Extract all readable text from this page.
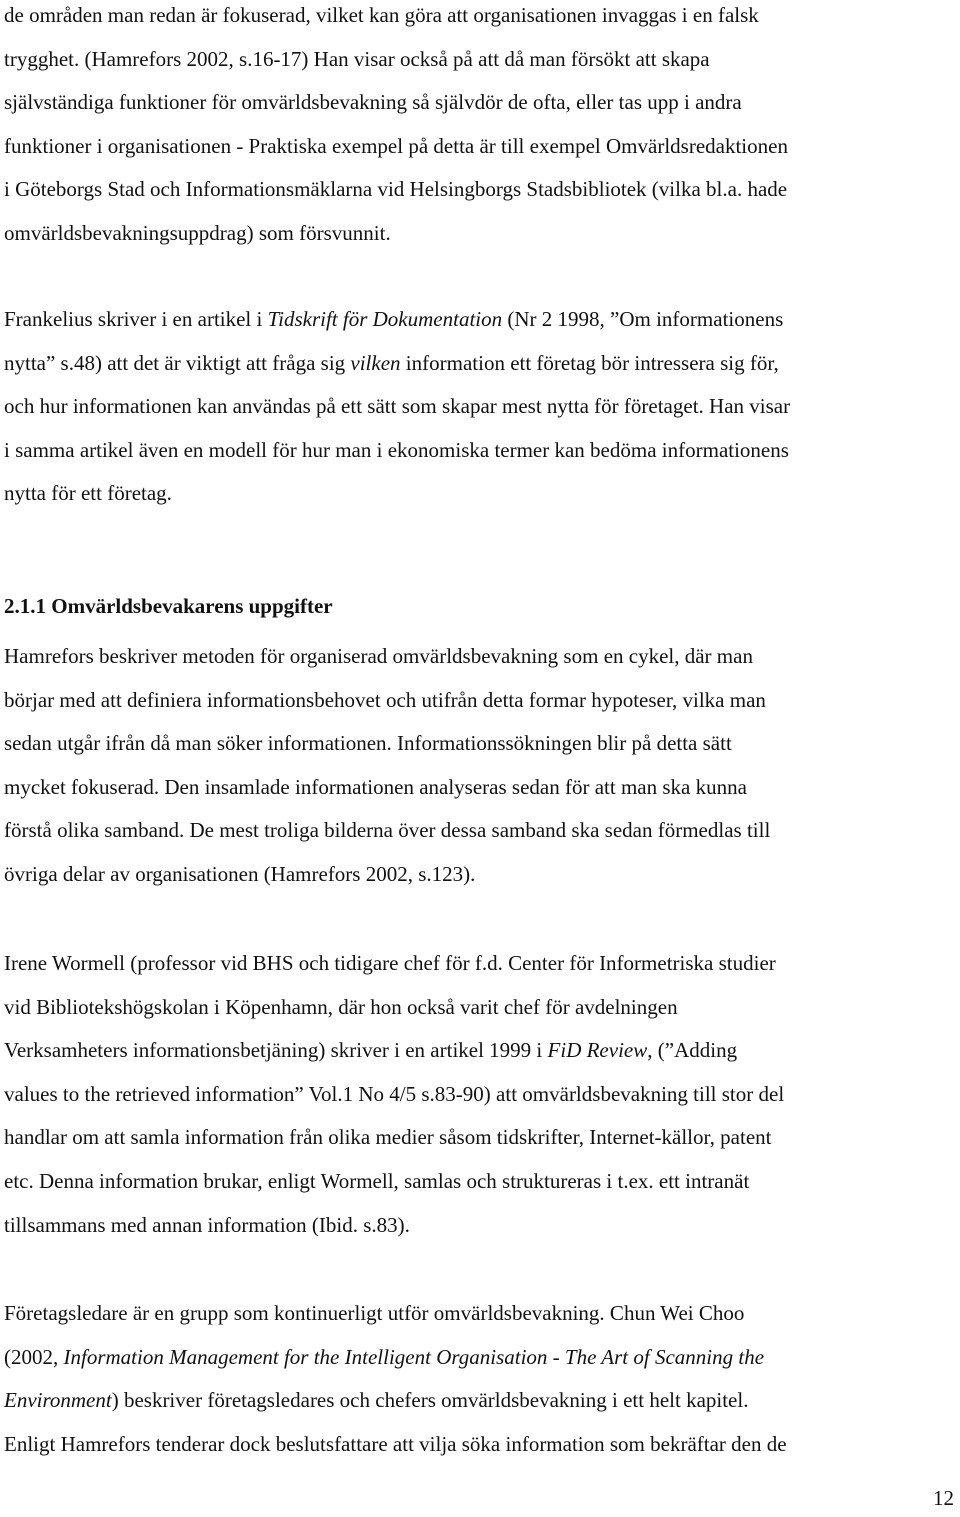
de områden man redan är fokuserad, vilket kan göra att organisationen invaggas i en falsk
trygghet. (Hamrefors 2002, s.16-17) Han visar också på att då man försökt att skapa
självständiga funktioner för omvärldsbevakning så självdör de ofta, eller tas upp i andra
funktioner i organisationen - Praktiska exempel på detta är till exempel Omvärldsredaktionen
i Göteborgs Stad och Informationsmäklarna vid Helsingborgs Stadsbibliotek (vilka bl.a. hade
omvärldsbevakningsuppdrag) som försvunnit.
Frankelius skriver i en artikel i Tidskrift för Dokumentation (Nr 2 1998, ”Om informationens
nytta” s.48) att det är viktigt att fråga sig vilken information ett företag bör intressera sig för,
och hur informationen kan användas på ett sätt som skapar mest nytta för företaget. Han visar
i samma artikel även en modell för hur man i ekonomiska termer kan bedöma informationens
nytta för ett företag.
2.1.1 Omvärldsbevakarens uppgifter
Hamrefors beskriver metoden för organiserad omvärldsbevakning som en cykel, där man
börjar med att definiera informationsbehovet och utifrån detta formar hypoteser, vilka man
sedan utgår ifrån då man söker informationen. Informationssökningen blir på detta sätt
mycket fokuserad. Den insamlade informationen analyseras sedan för att man ska kunna
förstå olika samband. De mest troliga bilderna över dessa samband ska sedan förmedlas till
övriga delar av organisationen (Hamrefors 2002, s.123).
Irene Wormell (professor vid BHS och tidigare chef för f.d. Center för Informetriska studier
vid Bibliotekshögskolan i Köpenhamn, där hon också varit chef för avdelningen
Verksamheters informationsbetjäning) skriver i en artikel 1999 i FiD Review, (”Adding
values to the retrieved information” Vol.1 No 4/5 s.83-90) att omvärldsbevakning till stor del
handlar om att samla information från olika medier såsom tidskrifter, Internet-källor, patent
etc. Denna information brukar, enligt Wormell, samlas och struktureras i t.ex. ett intranät
tillsammans med annan information (Ibid. s.83).
Företagsledare är en grupp som kontinuerligt utför omvärldsbevakning. Chun Wei Choo
(2002, Information Management for the Intelligent Organisation - The Art of Scanning the
Environment) beskriver företagsledares och chefers omvärldsbevakning i ett helt kapitel.
Enligt Hamrefors tenderar dock beslutsfattare att vilja söka information som bekräftar den de
12
